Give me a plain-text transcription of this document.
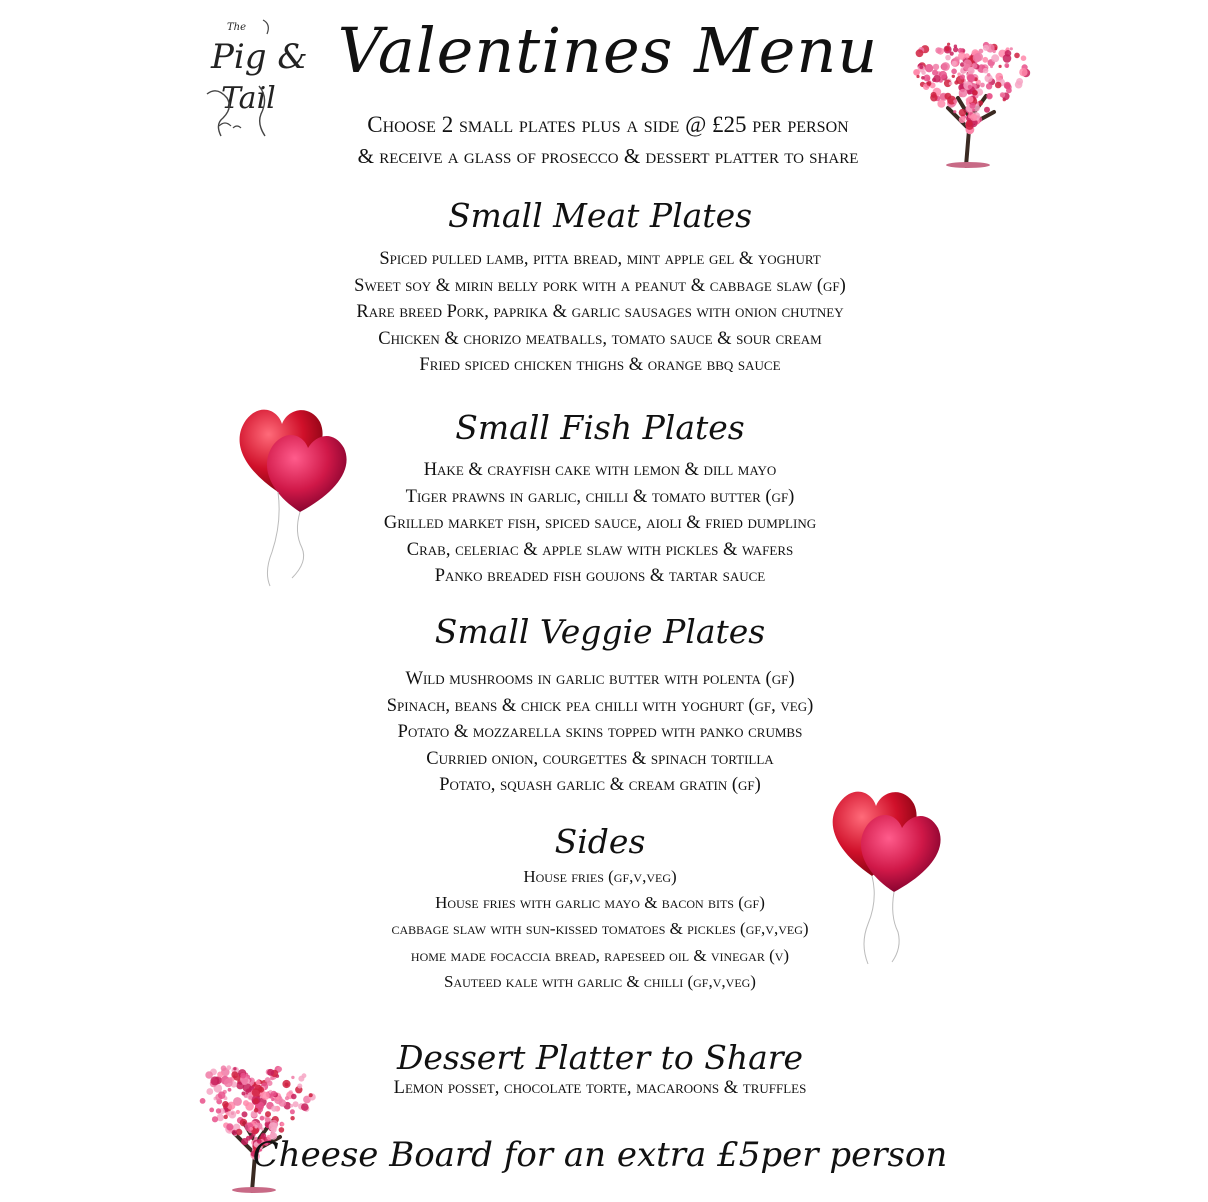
The
Pig &
Tail
Valentines Menu
Choose 2 small plates plus a side @ £25 per person
& receive a glass of prosecco & dessert platter to share
Small Meat Plates
Spiced pulled lamb, pitta bread, mint apple gel & yoghurt
Sweet soy & mirin belly pork with a peanut & cabbage slaw (gf)
Rare breed Pork, paprika & garlic sausages with onion chutney
Chicken & chorizo meatballs, tomato sauce & sour cream
Fried spiced chicken thighs & orange bbq sauce
Small Fish Plates
Hake & crayfish cake with lemon & dill mayo
Tiger prawns in garlic, chilli & tomato butter (gf)
Grilled market fish, spiced sauce, aioli & fried dumpling
Crab, celeriac & apple slaw with pickles & wafers
Panko breaded fish goujons & tartar sauce
Small Veggie Plates
Wild mushrooms in garlic butter with polenta (gf)
Spinach, beans & chick pea chilli with yoghurt (gf, veg)
Potato & mozzarella skins topped with panko crumbs
Curried onion, courgettes & spinach tortilla
Potato, squash garlic & cream gratin (gf)
Sides
House fries (gf,v,veg)
House fries with garlic mayo & bacon bits (gf)
cabbage slaw with sun-kissed tomatoes & pickles (gf,v,veg)
home made focaccia bread, rapeseed oil & vinegar (v)
Sauteed kale with garlic & chilli (gf,v,veg)
Dessert Platter to Share
Lemon posset, chocolate torte, macaroons & truffles
Cheese Board for an extra £5per person
